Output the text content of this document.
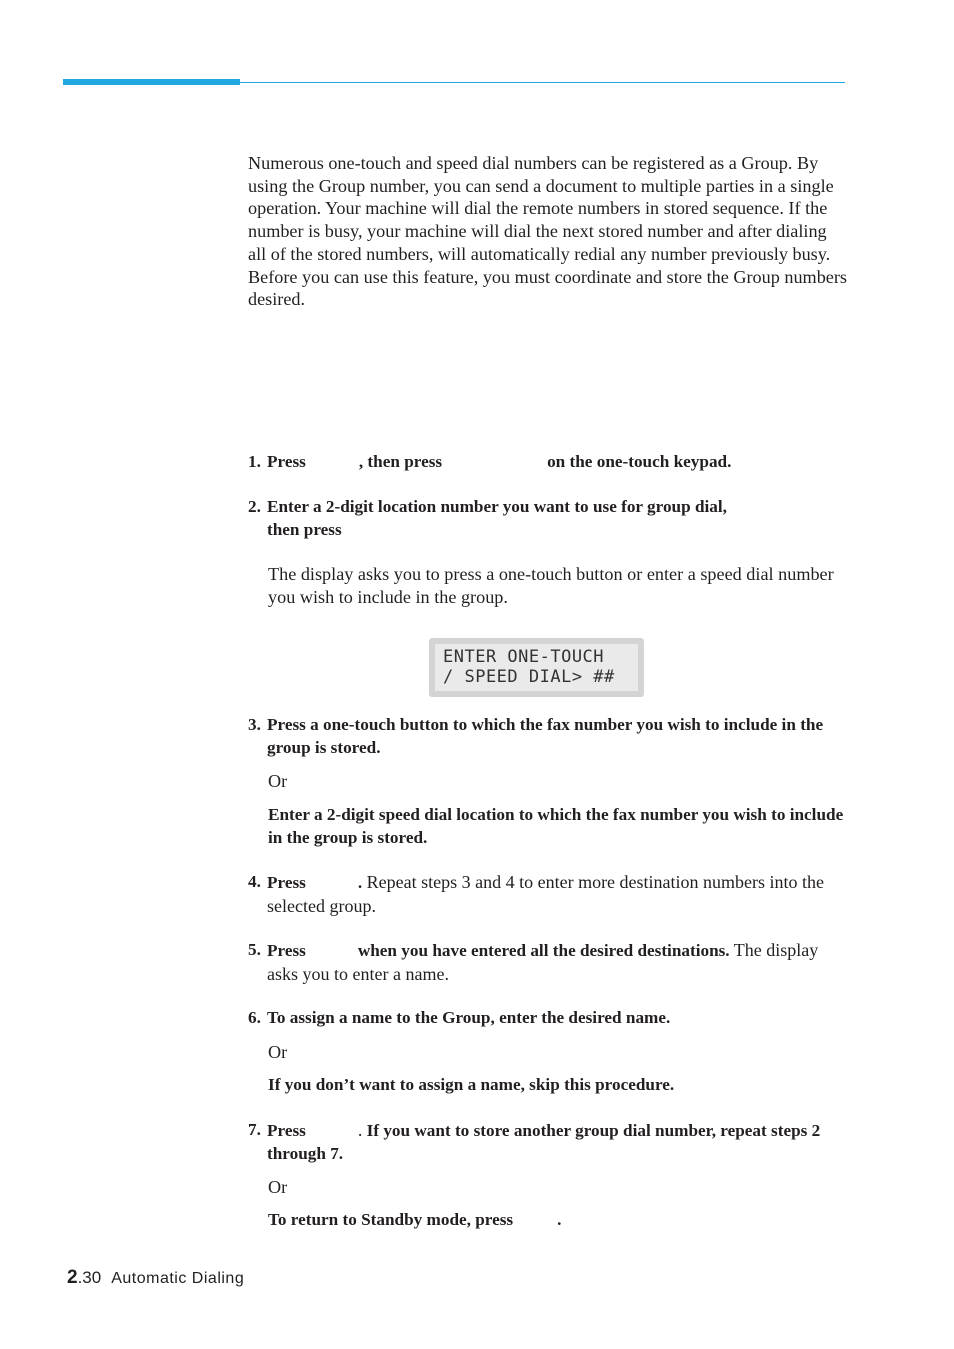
Numerous one-touch and speed dial numbers can be registered as a Group. By using the Group number, you can send a document to multiple parties in a single operation. Your machine will dial the remote numbers in stored sequence. If the number is busy, your machine will dial the next stored number and after dialing all of the stored numbers, will automatically redial any number previously busy. Before you can use this feature, you must coordinate and store the Group numbers desired.

1. Press	, then press	on the one-touch keypad.
2. Enter a 2-digit location number you want to use for group dial,
then press
The display asks you to press a one-touch button or enter a speed dial number you wish to include in the group.
ENTER ONE-TOUCH
/ SPEED DIAL> ##
3. Press a one-touch button to which the fax number you wish to include in the group is stored.
Or
Enter a 2-digit speed dial location to which the fax number you wish to include in the group is stored.
4. Press	. Repeat steps 3 and 4 to enter more destination numbers into the selected group.
5. Press	when you have entered all the desired destinations. The display asks you to enter a name.
6. To assign a name to the Group, enter the desired name.
Or
If you don’t want to assign a name, skip this procedure.
7. Press	. If you want to store another group dial number, repeat steps 2 through 7.
Or
To return to Standby mode, press	.
2.30 Automatic Dialing
